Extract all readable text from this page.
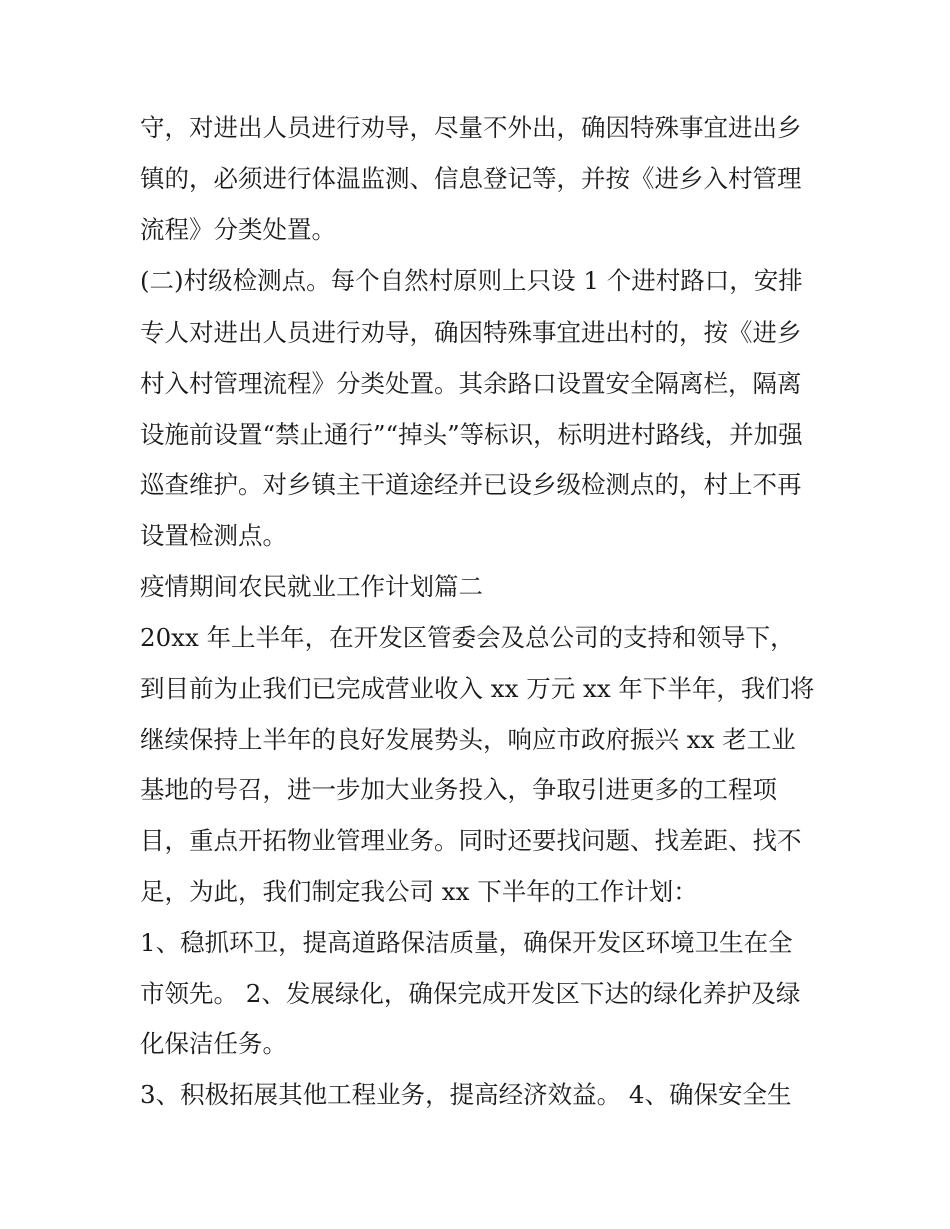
守，对进出人员进行劝导，尽量不外出，确因特殊事宜进出乡
镇的，必须进行体温监测、信息登记等，并按《进乡入村管理
流程》分类处置。
(二)村级检测点。每个自然村原则上只设 1 个进村路口，安排
专人对进出人员进行劝导，确因特殊事宜进出村的，按《进乡
村入村管理流程》分类处置。其余路口设置安全隔离栏，隔离
设施前设置“禁止通行”“掉头”等标识，标明进村路线，并加强
巡查维护。对乡镇主干道途经并已设乡级检测点的，村上不再
设置检测点。
疫情期间农民就业工作计划篇二
20xx 年上半年，在开发区管委会及总公司的支持和领导下，
到目前为止我们已完成营业收入 xx 万元 xx 年下半年，我们将
继续保持上半年的良好发展势头，响应市政府振兴 xx 老工业
基地的号召，进一步加大业务投入，争取引进更多的工程项
目，重点开拓物业管理业务。同时还要找问题、找差距、找不
足，为此，我们制定我公司 xx 下半年的工作计划：
1、稳抓环卫，提高道路保洁质量，确保开发区环境卫生在全
市领先。 2、发展绿化，确保完成开发区下达的绿化养护及绿
化保洁任务。
3、积极拓展其他工程业务，提高经济效益。 4、确保安全生
